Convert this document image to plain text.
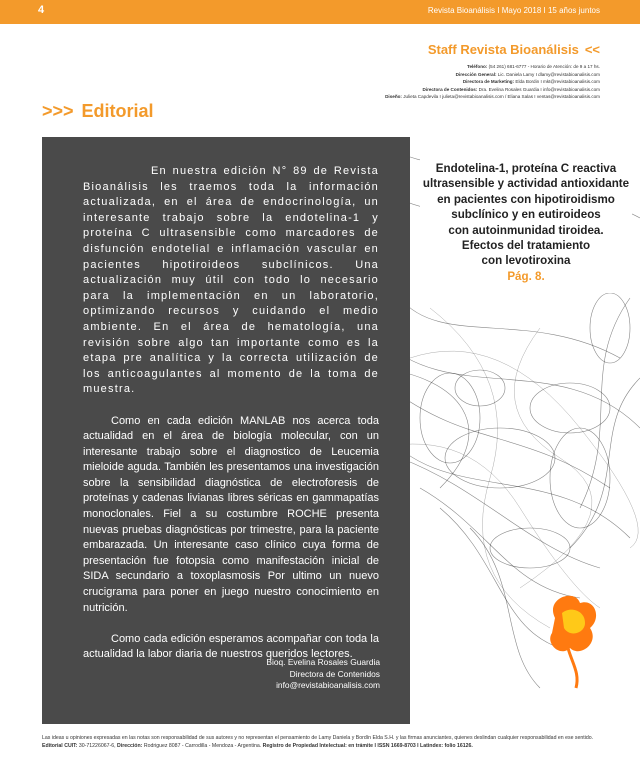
4	Revista Bioanálisis I Mayo 2018 I 15 años juntos
Staff Revista Bioanálisis <<
Teléfono: (54 261) 681-6777 - Horario de Atención: de 9 a 17 hs.
Dirección General: Lic. Daniela Lamy I dlamy@revistabioanalisis.com
Directora de Marketing: Elda Bordin I mkt@revistabioanalisis.com
Directora de Contenidos: Dra. Evelina Rosales Guardia I info@revistabioanalisis.com
Diseño: Julieta Capdevila I julieta@revistabioanalisis.com / Eliana Salas I ventas@revistabioanalisis.com
>>> Editorial

En nuestra edición N° 89 de Revista Bioanálisis les traemos toda la información actualizada, en el área de endocrinología, un interesante trabajo sobre la endotelina-1 y proteína C ultrasensible como marcadores de disfunción endotelial e inflamación vascular en pacientes hipotiroideos subclínicos. Una actualización muy útil con todo lo necesario para la implementación en un laboratorio, optimizando recursos y cuidando el medio ambiente. En el área de hematología, una revisión sobre algo tan importante como es la etapa pre analítica y la correcta utilización de los anticoagulantes al momento de la toma de muestra.

Como en cada edición MANLAB nos acerca toda actualidad en el área de biología molecular, con un interesante trabajo sobre el diagnostico de Leucemia mieloide aguda. También les presentamos una investigación sobre la sensibilidad diagnóstica de electroforesis de proteínas y cadenas livianas libres séricas en gammapatías monoclonales. Fiel a su costumbre ROCHE presenta nuevas pruebas diagnósticas por trimestre, para la paciente embarazada. Un interesante caso clínico cuya forma de presentación fue fotopsia como manifestación inicial de SIDA secundario a toxoplasmosis Por ultimo un nuevo crucigrama para poner en juego nuestro conocimiento en nutrición.

Como cada edición esperamos acompañar con toda la actualidad la labor diaria de nuestros queridos lectores.

Bioq. Evelina Rosales Guardia
Directora de Contenidos
info@revistabioanalisis.com
Endotelina-1, proteína C reactiva
ultrasensible y actividad antioxidante
en pacientes con hipotiroidismo
subclínico y en eutiroideos
con autoinmunidad tiroidea.
Efectos del tratamiento
con levotiroxina
Pág. 8.
Las ideas u opiniones expresadas en las notas son responsabilidad de sus autores y no representan el pensamiento de Lamy Daniela y Bordín Elda S.H. y las firmas anunciantes, quienes deslindan cualquier responsabilidad en ese sentido. Editorial CUIT: 30-71226067-6, Dirección: Rodriguez 8087 - Carrodilla - Mendoza - Argentina. Registro de Propiedad Intelectual: en trámite I ISSN 1669-8703 I Latindex: folio 16126.
